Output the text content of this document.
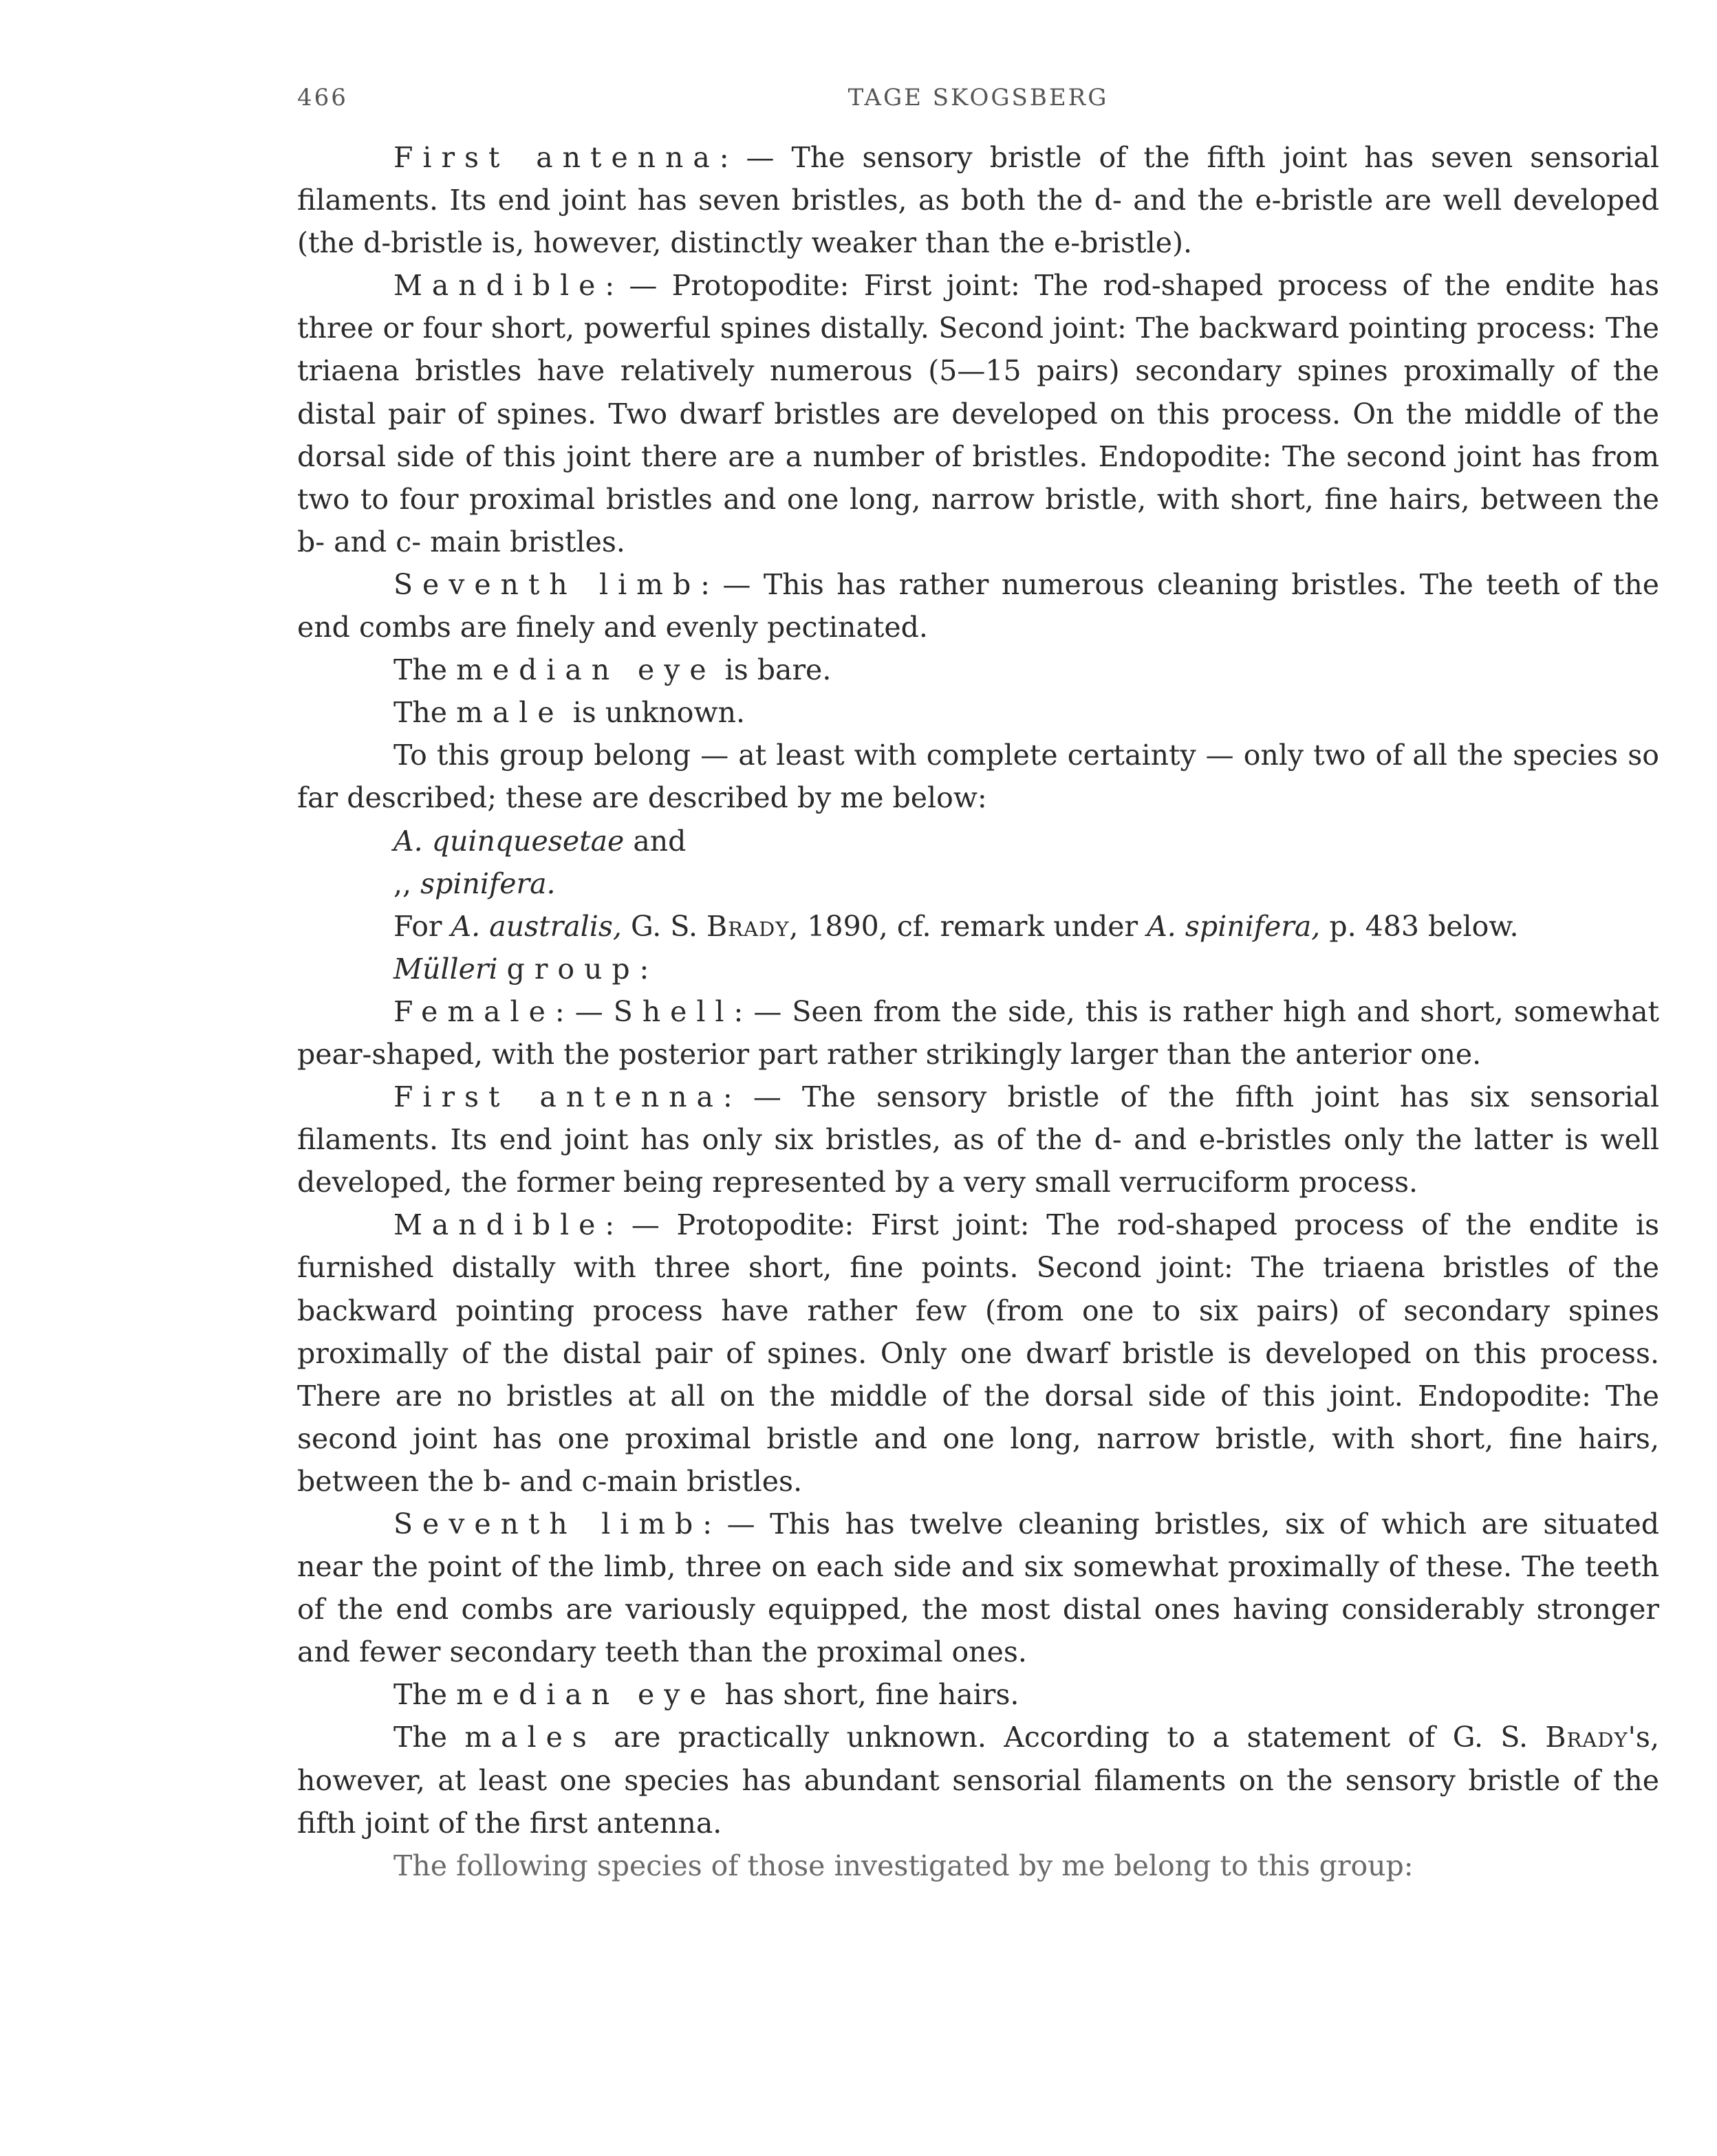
466	TAGE SKOGSBERG

First antenna: — The sensory bristle of the fifth joint has seven sensorial filaments. Its end joint has seven bristles, as both the d- and the e-bristle are well developed (the d-bristle is, however, distinctly weaker than the e-bristle).

Mandible: — Protopodite: First joint: The rod-shaped process of the endite has three or four short, powerful spines distally. Second joint: The backward pointing process: The triaena bristles have relatively numerous (5—15 pairs) secondary spines proximally of the distal pair of spines. Two dwarf bristles are developed on this process. On the middle of the dorsal side of this joint there are a number of bristles. Endopodite: The second joint has from two to four proximal bristles and one long, narrow bristle, with short, fine hairs, between the b- and c- main bristles.

Seventh limb: — This has rather numerous cleaning bristles. The teeth of the end combs are finely and evenly pectinated.

The median eye is bare.

The male is unknown.

To this group belong — at least with complete certainty — only two of all the species so far described; these are described by me below:

A. quinquesetae and

,, spinifera.

For A. australis, G. S. Brady, 1890, cf. remark under A. spinifera, p. 483 below.

Mülleri group:

Female: — Shell: — Seen from the side, this is rather high and short, somewhat pear-shaped, with the posterior part rather strikingly larger than the anterior one.

First antenna: — The sensory bristle of the fifth joint has six sensorial filaments. Its end joint has only six bristles, as of the d- and e-bristles only the latter is well developed, the former being represented by a very small verruciform process.

Mandible: — Protopodite: First joint: The rod-shaped process of the endite is furnished distally with three short, fine points. Second joint: The triaena bristles of the backward pointing process have rather few (from one to six pairs) of secondary spines proximally of the distal pair of spines. Only one dwarf bristle is developed on this process. There are no bristles at all on the middle of the dorsal side of this joint. Endopodite: The second joint has one proximal bristle and one long, narrow bristle, with short, fine hairs, between the b- and c-main bristles.

Seventh limb: — This has twelve cleaning bristles, six of which are situated near the point of the limb, three on each side and six somewhat proximally of these. The teeth of the end combs are variously equipped, the most distal ones having considerably stronger and fewer secondary teeth than the proximal ones.

The median eye has short, fine hairs.

The males are practically unknown. According to a statement of G. S. Brady's, however, at least one species has abundant sensorial filaments on the sensory bristle of the fifth joint of the first antenna.

The following species of those investigated by me belong to this group:
